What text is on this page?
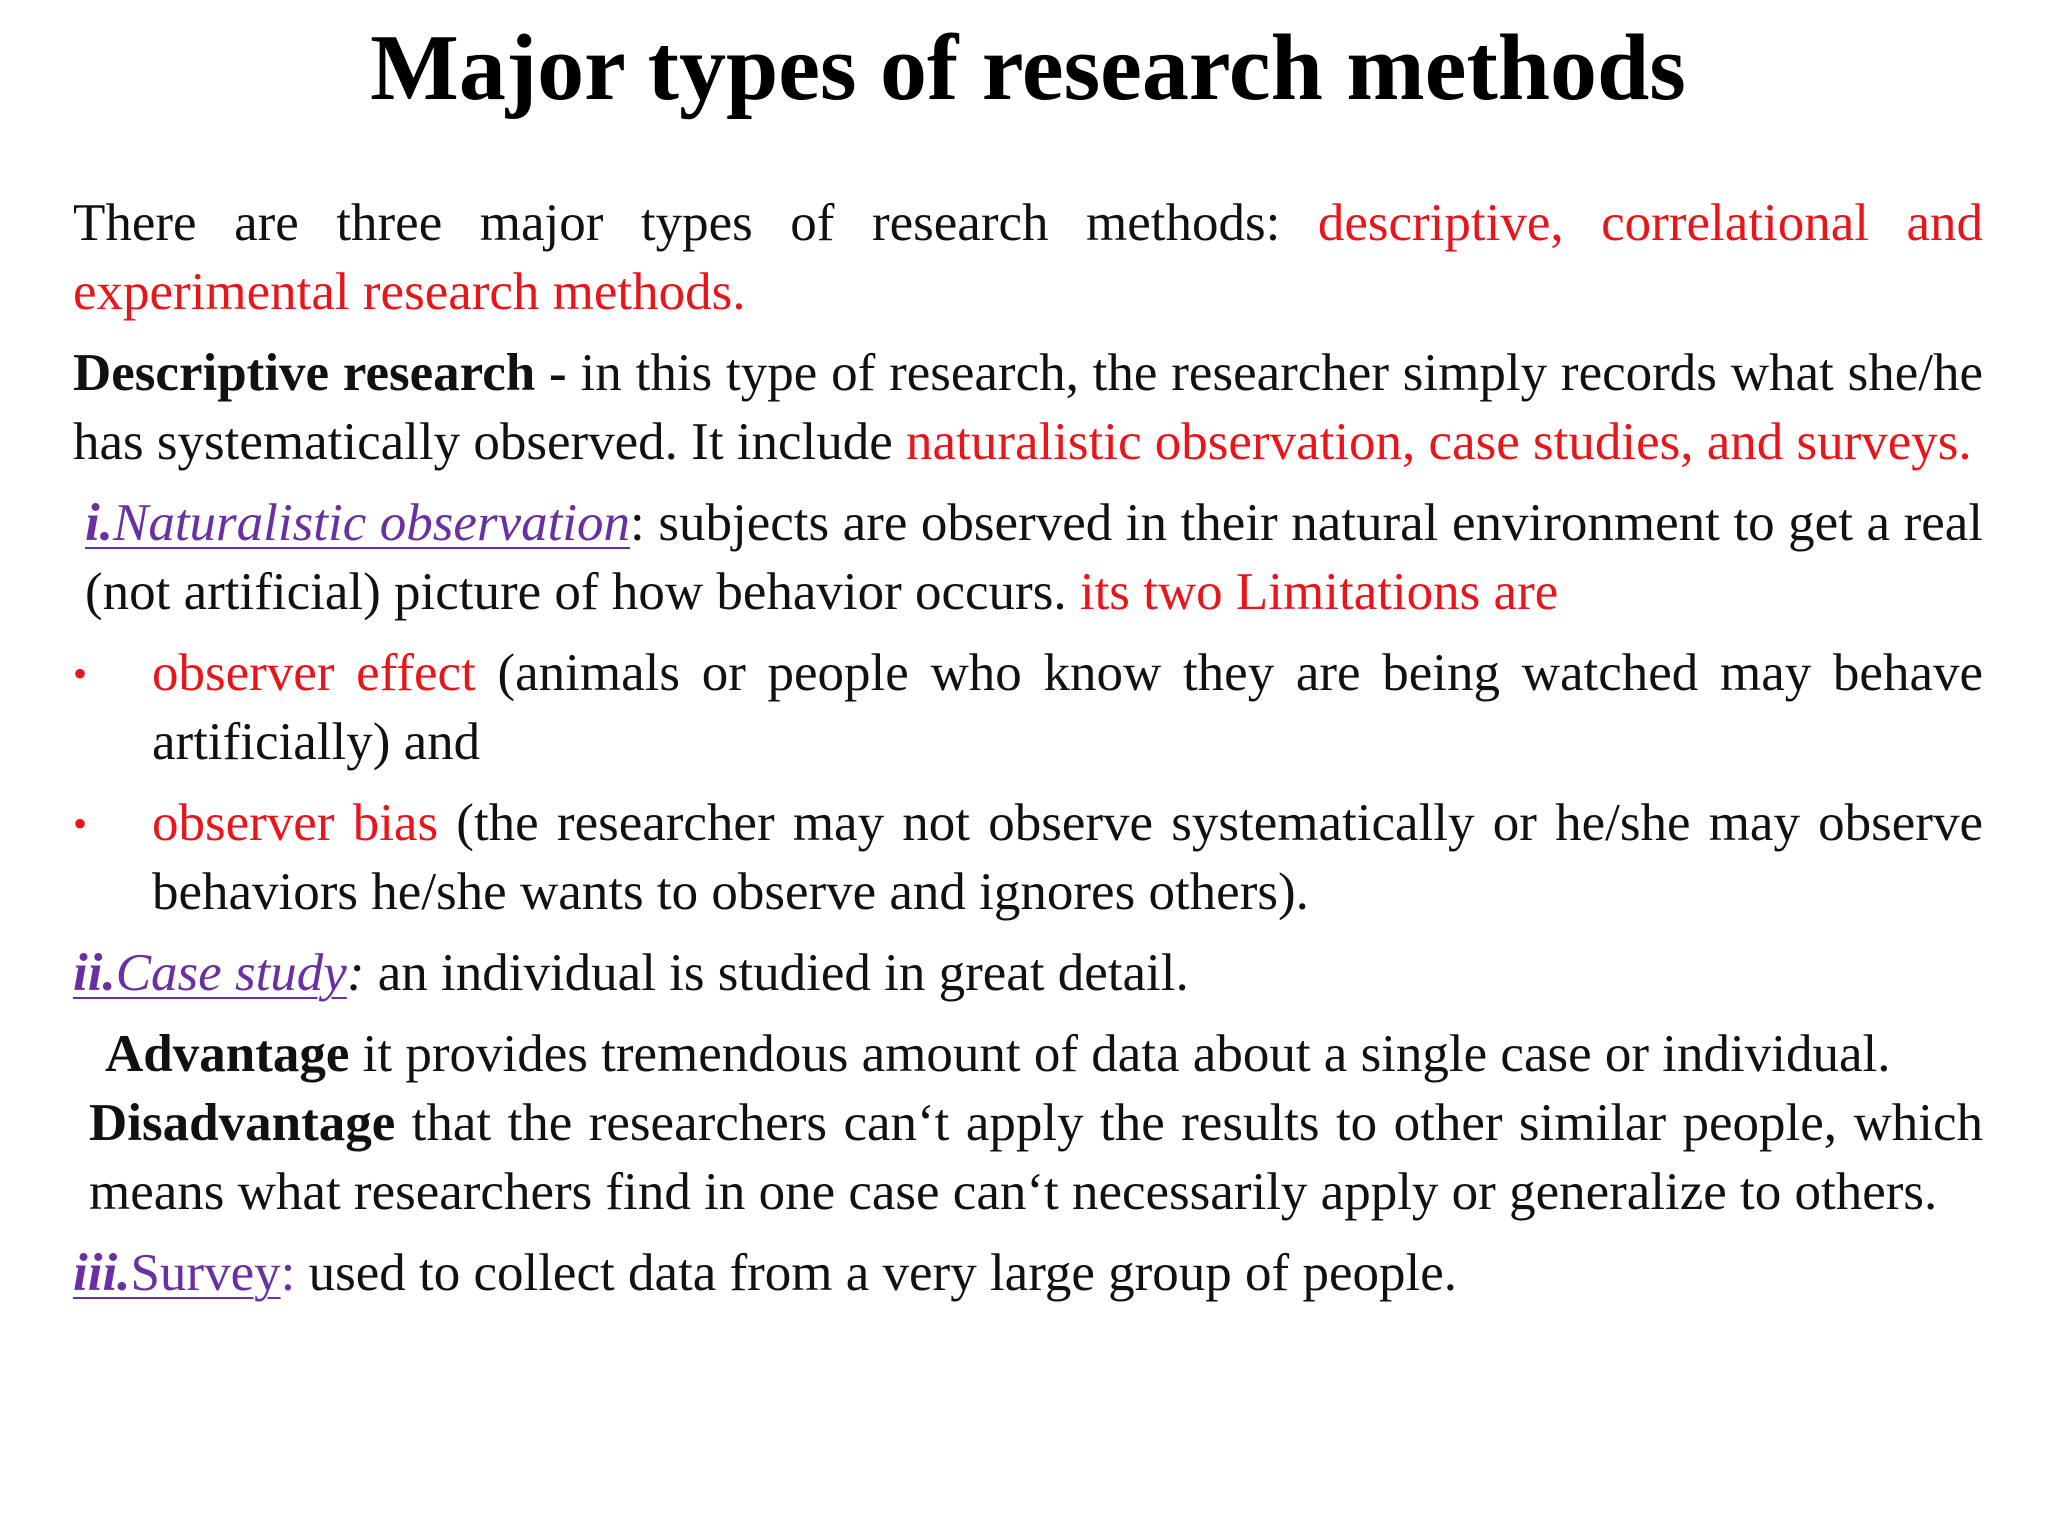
Major types of research methods

There are three major types of research methods: descriptive, correlational and experimental research methods.

Descriptive research - in this type of research, the researcher simply records what she/he has systematically observed. It include naturalistic observation, case studies, and surveys.

i.Naturalistic observation: subjects are observed in their natural environment to get a real (not artificial) picture of how behavior occurs. its two Limitations are

• observer effect (animals or people who know they are being watched may behave artificially) and
• observer bias (the researcher may not observe systematically or he/she may observe behaviors he/she wants to observe and ignores others).

ii.Case study: an individual is studied in great detail.

Advantage it provides tremendous amount of data about a single case or individual.

Disadvantage that the researchers can‘t apply the results to other similar people, which means what researchers find in one case can‘t necessarily apply or generalize to others.

iii.Survey: used to collect data from a very large group of people.
